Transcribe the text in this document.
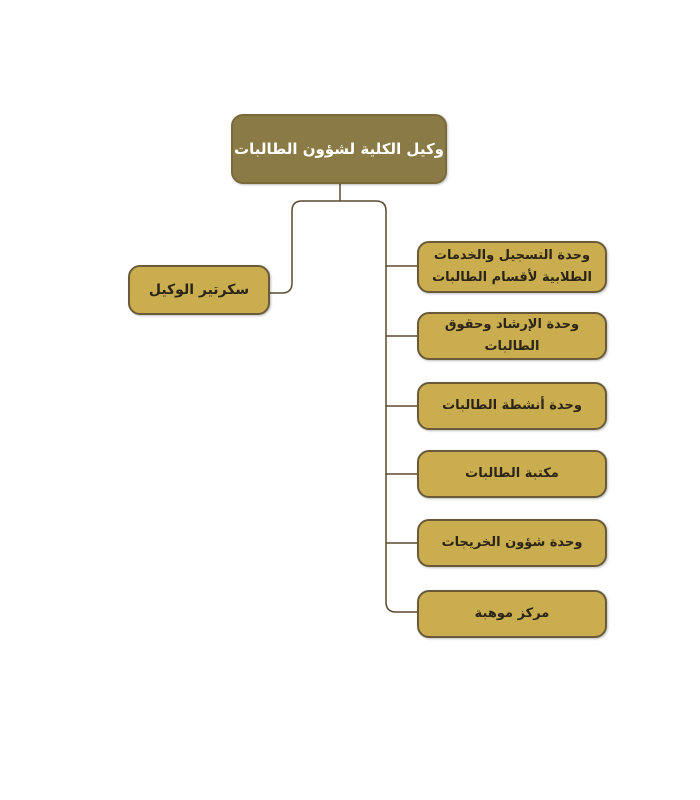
وكيل الكلية لشؤون الطالبات
سكرتير الوكيل
وحدة التسجيل والخدمات
الطلابية لأقسام الطالبات
وحدة الإرشاد وحقوق الطالبات
وحدة أنشطة الطالبات
مكتبة الطالبات
وحدة شؤون الخريجات
مركز موهبة
